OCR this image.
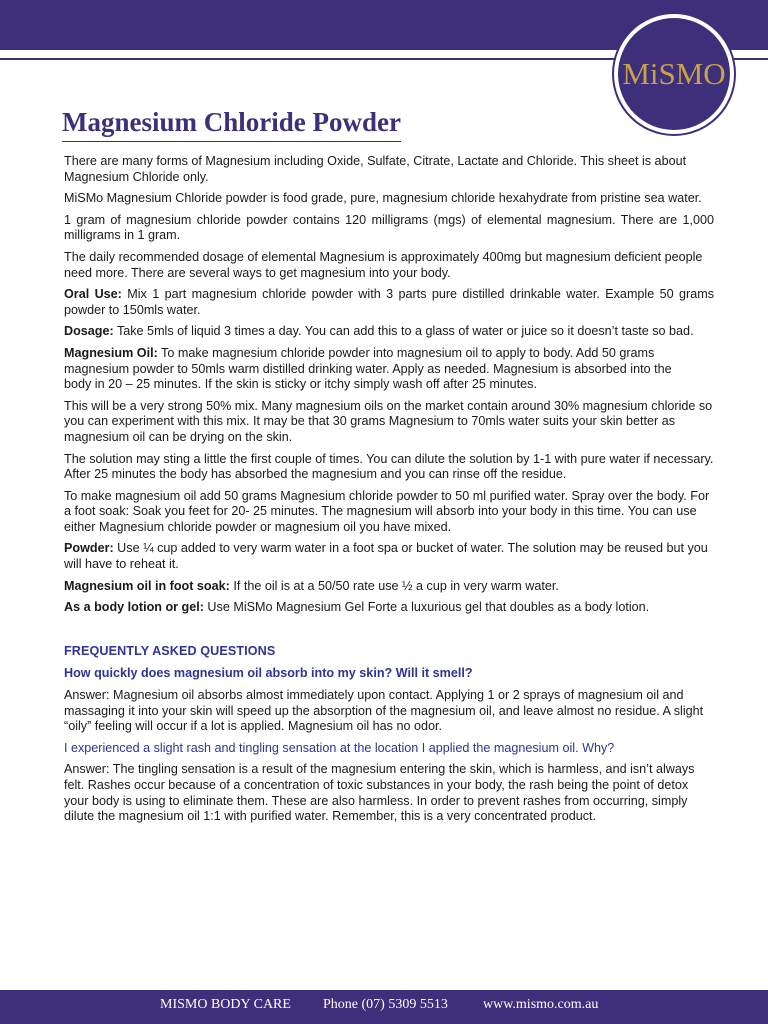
MiSMO
Magnesium Chloride Powder

There are many forms of Magnesium including Oxide, Sulfate, Citrate, Lactate and Chloride. This sheet is about Magnesium Chloride only.

MiSMo Magnesium Chloride powder is food grade, pure, magnesium chloride hexahydrate from pristine sea water.

1 gram of magnesium chloride powder contains 120 milligrams (mgs) of elemental magnesium. There are 1,000 milligrams in 1 gram.

The daily recommended dosage of elemental Magnesium is approximately 400mg but magnesium deficient people need more. There are several ways to get magnesium into your body.

Oral Use: Mix 1 part magnesium chloride powder with 3 parts pure distilled drinkable water. Example 50 grams powder to 150mls water.

Dosage: Take 5mls of liquid 3 times a day. You can add this to a glass of water or juice so it doesn’t taste so bad.

Magnesium Oil: To make magnesium chloride powder into magnesium oil to apply to body. Add 50 grams magnesium powder to 50mls warm distilled drinking water. Apply as needed. Magnesium is absorbed into the body in 20 – 25 minutes. If the skin is sticky or itchy simply wash off after 25 minutes.

This will be a very strong 50% mix. Many magnesium oils on the market contain around 30% magnesium chloride so you can experiment with this mix. It may be that 30 grams Magnesium to 70mls water suits your skin better as magnesium oil can be drying on the skin.

The solution may sting a little the first couple of times. You can dilute the solution by 1-1 with pure water if necessary. After 25 minutes the body has absorbed the magnesium and you can rinse off the residue.

To make magnesium oil add 50 grams Magnesium chloride powder to 50 ml purified water. Spray over the body. For a foot soak: Soak you feet for 20- 25 minutes. The magnesium will absorb into your body in this time. You can use either Magnesium chloride powder or magnesium oil you have mixed.

Powder: Use ¼ cup added to very warm water in a foot spa or bucket of water. The solution may be reused but you will have to reheat it.

Magnesium oil in foot soak: If the oil is at a 50/50 rate use ½ a cup in very warm water.

As a body lotion or gel: Use MiSMo Magnesium Gel Forte a luxurious gel that doubles as a body lotion.

FREQUENTLY ASKED QUESTIONS

How quickly does magnesium oil absorb into my skin? Will it smell?

Answer: Magnesium oil absorbs almost immediately upon contact. Applying 1 or 2 sprays of magnesium oil and massaging it into your skin will speed up the absorption of the magnesium oil, and leave almost no residue. A slight “oily” feeling will occur if a lot is applied. Magnesium oil has no odor.

I experienced a slight rash and tingling sensation at the location I applied the magnesium oil. Why?

Answer: The tingling sensation is a result of the magnesium entering the skin, which is harmless, and isn’t always felt. Rashes occur because of a concentration of toxic substances in your body, the rash being the point of detox your body is using to eliminate them. These are also harmless. In order to prevent rashes from occurring, simply dilute the magnesium oil 1:1 with purified water. Remember, this is a very concentrated product.

MISMO BODY CARE Phone (07) 5309 5513	www.mismo.com.au
